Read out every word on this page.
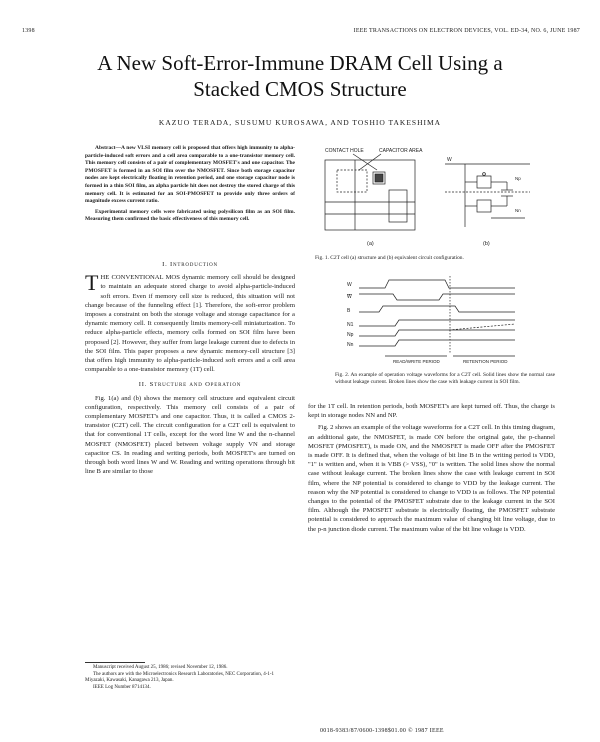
1398	IEEE TRANSACTIONS ON ELECTRON DEVICES, VOL. ED-34, NO. 6, JUNE 1987
A New Soft-Error-Immune DRAM Cell Using a
Stacked CMOS Structure
KAZUO TERADA, SUSUMU KUROSAWA, AND TOSHIO TAKESHIMA

Abstract—A new VLSI memory cell is proposed that offers high immunity to alpha-particle-induced soft errors and a cell area comparable to a one-transistor memory cell. This memory cell consists of a pair of complementary MOSFET's and one capacitor. The PMOSFET is formed in an SOI film over the NMOSFET. Since both storage capacitor nodes are kept electrically floating in retention period, and one storage capacitor node is formed in a thin SOI film, an alpha particle hit does not destroy the stored charge of this memory cell. It is estimated for an SOI-PMOSFET to provide only three orders of magnitude excess current ratio.

Experimental memory cells were fabricated using polysilicon film as an SOI film. Measuring them confirmed the basic effectiveness of this memory cell.

I. Introduction

THE CONVENTIONAL MOS dynamic memory cell should be designed to maintain an adequate stored charge to avoid alpha-particle-induced soft errors. Even if memory cell size is reduced, this situation will not change because of the funneling effect [1]. Therefore, the soft-error problem imposes a constraint on both the storage voltage and storage capacitance for a dynamic memory cell. It consequently limits memory-cell miniaturization. To reduce alpha-particle effects, memory cells formed on SOI film have been proposed [2]. However, they suffer from large leakage current due to defects in the SOI film. This paper proposes a new dynamic memory-cell structure [3] that offers high immunity to alpha-particle-induced soft errors and a cell area comparable to a one-transistor memory (1T) cell.

II. Structure and Operation

Fig. 1(a) and (b) shows the memory cell structure and equivalent circuit configuration, respectively. This memory cell consists of a pair of complementary MOSFET's and one capacitor. Thus, it is called a CMOS 2-transistor (C2T) cell. The circuit configuration for a C2T cell is equivalent to that for conventional 1T cells, except for the word line W and the n-channel MOSFET (NMOSFET) placed between voltage supply VN and storage capacitor CS. In reading and writing periods, both MOSFET's are turned on through both word lines W and W. Reading and writing operations through bit line B are similar to those

Manuscript received August 25, 1986; revised November 12, 1986.
The authors are with the Microelectronics Research Laboratories, NEC Corporation, 4-1-1 Miyazaki, Kawasaki, Kanagawa 213, Japan.
IEEE Log Number 8714134.
CONTACT HOLE	CAPACITOR AREA
(a)
W
Np
Nn
(b)
Fig. 1. C2T cell (a) structure and (b) equivalent circuit configuration.
W
W
B
N1
Np
Nn
READ/WRITE PERIOD	RETENTION PERIOD
Fig. 2. An example of operation voltage waveforms for a C2T cell. Solid lines show the normal case without leakage current. Broken lines show the case with leakage current in SOI film.

for the 1T cell. In retention periods, both MOSFET's are kept turned off. Thus, the charge is kept in storage nodes NN and NP.

Fig. 2 shows an example of the voltage waveforms for a C2T cell. In this timing diagram, an additional gate, the NMOSFET, is made ON before the original gate, the p-channel MOSFET (PMOSFET), is made ON, and the NMOSFET is made OFF after the PMOSFET is made OFF. It is defined that, when the voltage of bit line B in the writing period is VDD, "1" is written and, when it is VBB (> VSS), "0" is written. The solid lines show the normal case without leakage current. The broken lines show the case with leakage current in SOI film, where the NP potential is considered to change to VDD by the leakage current. The reason why the NP potential is considered to change to VDD is as follows. The NP potential changes to the potential of the PMOSFET substrate due to the leakage current in the SOI film. Although the PMOSFET substrate is electrically floating, the PMOSFET substrate potential is considered to approach the maximum value of changing bit line voltage, due to the p-n junction diode current. The maximum value of the bit line voltage is VDD.

0018-9383/87/0600-1398$01.00 © 1987 IEEE
